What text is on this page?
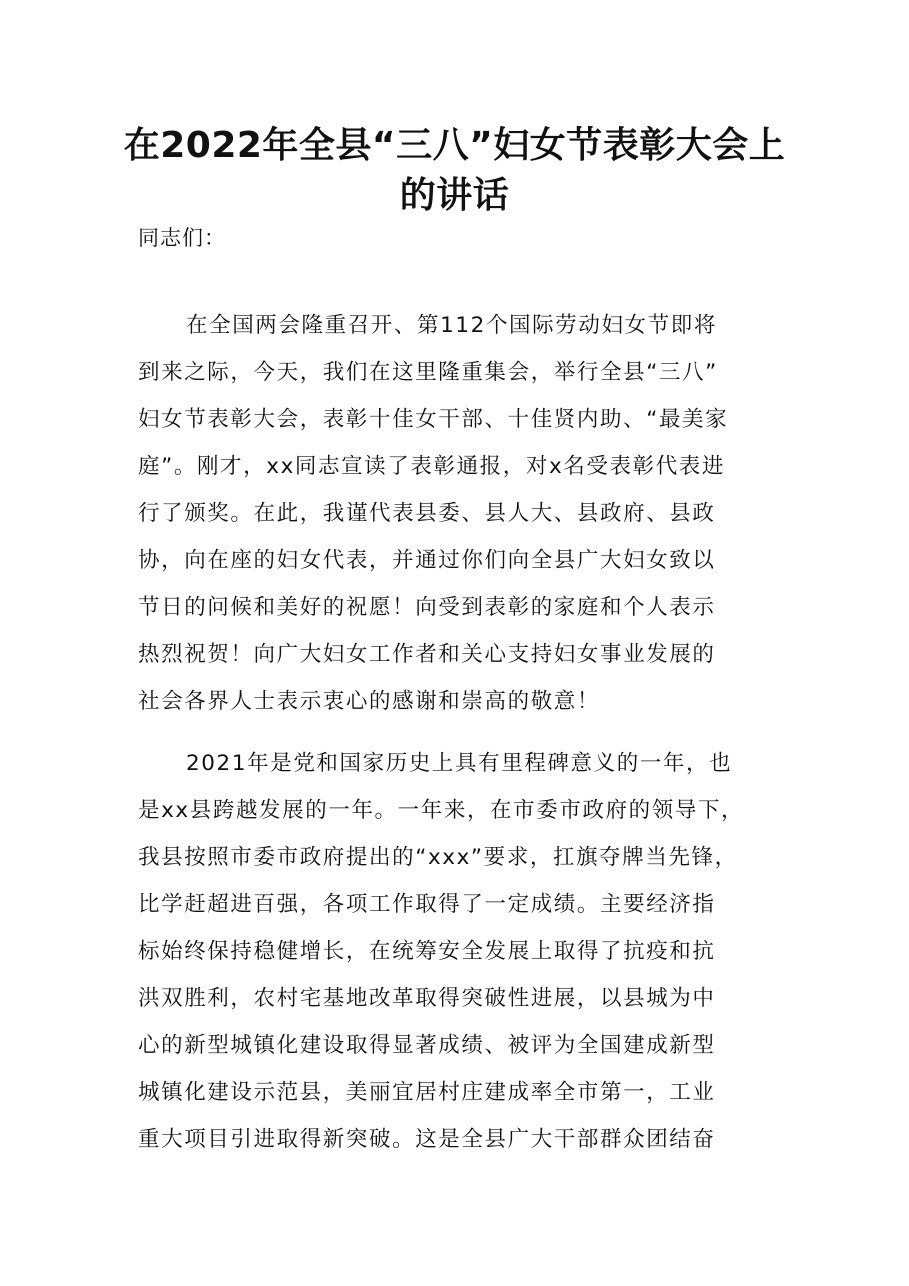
在2022年全县“三八”妇女节表彰大会上
的讲话
同志们：
在全国两会隆重召开、第112个国际劳动妇女节即将
到来之际，今天，我们在这里隆重集会，举行全县“三八”
妇女节表彰大会，表彰十佳女干部、十佳贤内助、“最美家
庭”。刚才，xx同志宣读了表彰通报，对x名受表彰代表进
行了颁奖。在此，我谨代表县委、县人大、县政府、县政
协，向在座的妇女代表，并通过你们向全县广大妇女致以
节日的问候和美好的祝愿！向受到表彰的家庭和个人表示
热烈祝贺！向广大妇女工作者和关心支持妇女事业发展的
社会各界人士表示衷心的感谢和崇高的敬意！
2021年是党和国家历史上具有里程碑意义的一年，也
是xx县跨越发展的一年。一年来，在市委市政府的领导下，
我县按照市委市政府提出的“xxx”要求，扛旗夺牌当先锋，
比学赶超进百强，各项工作取得了一定成绩。主要经济指
标始终保持稳健增长，在统筹安全发展上取得了抗疫和抗
洪双胜利，农村宅基地改革取得突破性进展，以县城为中
心的新型城镇化建设取得显著成绩、被评为全国建成新型
城镇化建设示范县，美丽宜居村庄建成率全市第一，工业
重大项目引进取得新突破。这是全县广大干部群众团结奋
